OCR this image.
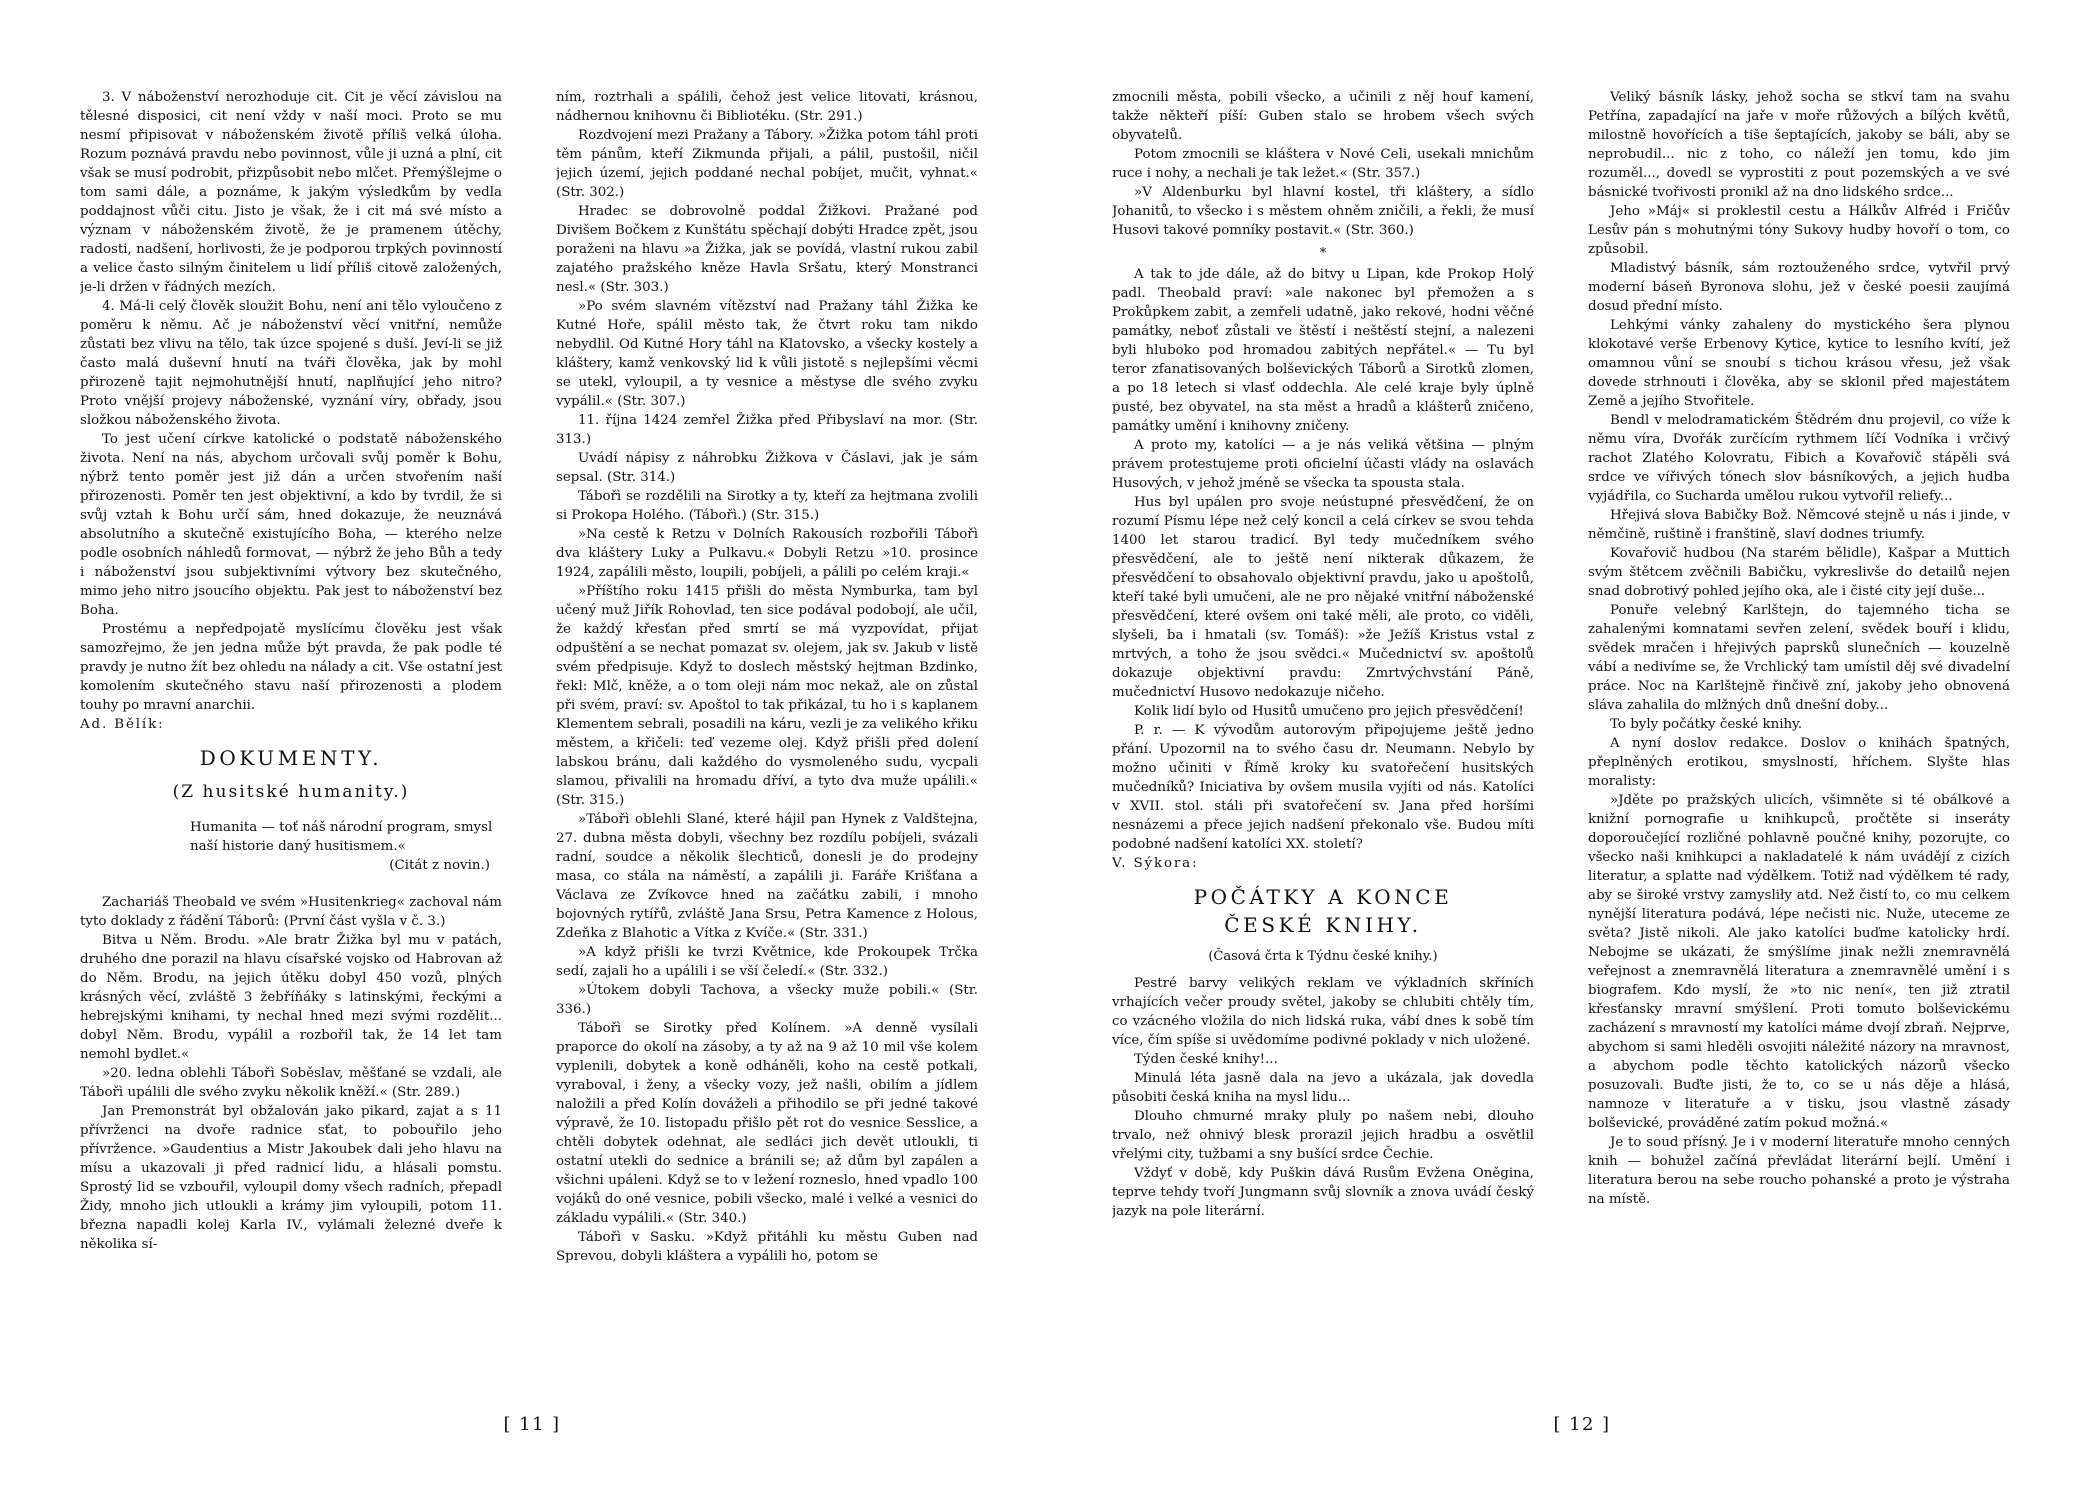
3. V náboženství nerozhoduje cit. Cit je věcí závislou na tělesné disposici, cit není vždy v naší moci. Proto se mu nesmí připisovat v náboženském životě příliš velká úloha. Rozum poznává pravdu nebo povinnost, vůle ji uzná a plní, cit však se musí podrobit, přizpůsobit nebo mlčet. Přemýšlejme o tom sami dále, a poznáme, k jakým výsledkům by vedla poddajnost vůči citu. Jisto je však, že i cit má své místo a význam v náboženském životě, že je pramenem útěchy, radosti, nadšení, horlivosti, že je podporou trpkých povinností a velice často silným činitelem u lidí příliš citově založených, je-li držen v řádných mezích.

4. Má-li celý člověk sloužit Bohu, není ani tělo vyloučeno z poměru k němu. Ač je náboženství věcí vnitřní, nemůže zůstati bez vlivu na tělo, tak úzce spojené s duší. Jeví-li se již často malá duševní hnutí na tváři člověka, jak by mohl přirozeně tajit nejmohutnější hnutí, naplňující jeho nitro? Proto vnější projevy náboženské, vyznání víry, obřady, jsou složkou náboženského života.

To jest učení církve katolické o podstatě náboženského života. Není na nás, abychom určovali svůj poměr k Bohu, nýbrž tento poměr jest již dán a určen stvořením naší přirozenosti. Poměr ten jest objektivní, a kdo by tvrdil, že si svůj vztah k Bohu určí sám, hned dokazuje, že neuznává absolutního a skutečně existujícího Boha, — kterého nelze podle osobních náhledů formovat, — nýbrž že jeho Bůh a tedy i náboženství jsou subjektivními výtvory bez skutečného, mimo jeho nitro jsoucího objektu. Pak jest to náboženství bez Boha.

Prostému a nepředpojatě myslícímu člověku jest však samozřejmo, že jen jedna může být pravda, že pak podle té pravdy je nutno žít bez ohledu na nálady a cit. Vše ostatní jest komolením skutečného stavu naší přirozenosti a plodem touhy po mravní anarchii.

Ad. Bělík:

DOKUMENTY.
(Z husitské humanity.)
Humanita — toť náš národní program, smysl naší historie daný husitismem.«
(Citát z novin.)

Zachariáš Theobald ve svém »Husitenkrieg« zachoval nám tyto doklady z řádění Táborů: (První část vyšla v č. 3.)

Bitva u Něm. Brodu. »Ale bratr Žižka byl mu v patách, druhého dne porazil na hlavu císařské vojsko od Habrovan až do Něm. Brodu, na jejich útěku dobyl 450 vozů, plných krásných věcí, zvláště 3 žebříňáky s latinskými, řeckými a hebrejskými knihami, ty nechal hned mezi svými rozdělit... dobyl Něm. Brodu, vypálil a rozbořil tak, že 14 let tam nemohl bydlet.«

»20. ledna oblehli Tábořì Soběslav, měšťané se vzdali, ale Tábořì upálili dle svého zvyku několik kněží.« (Str. 289.)

Jan Premonstrát byl obžalován jako pikard, zajat a s 11 přívrženci na dvoře radnice sťat, to pobouřilo jeho přívržence. »Gaudentius a Mistr Jakoubek dali jeho hlavu na mísu a ukazovali ji před radnicí lidu, a hlásali pomstu. Sprostý lid se vzbouřil, vyloupil domy všech radních, přepadl Židy, mnoho jich utloukli a krámy jim vyloupili, potom 11. března napadli kolej Karla IV., vylámali železné dveře k několika sí-

ním, roztrhali a spálili, čehož jest velice litovati, krásnou, nádhernou knihovnu či Bibliotéku. (Str. 291.)

Rozdvojení mezi Pražany a Tábory. »Žižka potom táhl proti těm pánům, kteří Zikmunda přijali, a pálil, pustošil, ničil jejich území, jejich poddané nechal pobíjet, mučit, vyhnat.« (Str. 302.)

Hradec se dobrovolně poddal Žižkovi. Pražané pod Divišem Bočkem z Kunštátu spěchají dobýti Hradce zpět, jsou poraženi na hlavu »a Žižka, jak se povídá, vlastní rukou zabil zajatého pražského kněze Havla Sršatu, který Monstranci nesl.« (Str. 303.)

»Po svém slavném vítězství nad Pražany táhl Žižka ke Kutné Hoře, spálil město tak, že čtvrt roku tam nikdo nebydlil. Od Kutné Hory táhl na Klatovsko, a všecky kostely a kláštery, kamž venkovský lid k vůli jistotě s nejlepšími věcmi se utekl, vyloupil, a ty vesnice a městyse dle svého zvyku vypálil.« (Str. 307.)

11. října 1424 zemřel Žižka před Přibyslaví na mor. (Str. 313.)

Uvádí nápisy z náhrobku Žižkova v Čáslavi, jak je sám sepsal. (Str. 314.)

Tábořì se rozdělili na Sirotky a ty, kteří za hejtmana zvolili si Prokopa Holého. (Tábořì.) (Str. 315.)

»Na cestě k Retzu v Dolních Rakousích rozbořili Tábořì dva kláštery Luky a Pulkavu.« Dobyli Retzu »10. prosince 1924, zapálili město, loupili, pobíjeli, a pálili po celém kraji.«

»Příštího roku 1415 přišli do města Nymburka, tam byl učený muž Jiřík Rohovlad, ten sice podával podobojí, ale učil, že každý křesťan před smrtí se má vyzpovídat, přijat odpuštění a se nechat pomazat sv. olejem, jak sv. Jakub v listě svém předpisuje. Když to doslech městský hejtman Bzdinko, řekl: Mlč, kněže, a o tom oleji nám moc nekaž, ale on zůstal při svém, praví: sv. Apoštol to tak přikázal, tu ho i s kaplanem Klementem sebrali, posadili na káru, vezli je za velikého křiku městem, a křičeli: teď vezeme olej. Když přišli před dolení labskou bránu, dali každého do vysmoleného sudu, vycpali slamou, přivalili na hromadu dříví, a tyto dva muže upálili.« (Str. 315.)

»Tábořì oblehli Slané, které hájil pan Hynek z Valdštejna, 27. dubna města dobyli, všechny bez rozdílu pobíjeli, svázali radní, soudce a několik šlechticů, donesli je do prodejny masa, co stála na náměstí, a zapálili ji. Faráře Krišťana a Václava ze Zvíkovce hned na začátku zabili, i mnoho bojovných rytířů, zvláště Jana Srsu, Petra Kamence z Holous, Zdeňka z Blahotic a Vítka z Kvíče.« (Str. 331.)

»A když přišli ke tvrzi Květnice, kde Prokoupek Trčka sedí, zajali ho a upálili i se vší čeledí.« (Str. 332.)

»Útokem dobyli Tachova, a všecky muže pobili.« (Str. 336.)

Tábořì se Sirotky před Kolínem. »A denně vysílali praporce do okolí na zásoby, a ty až na 9 až 10 mil vše kolem vyplenili, dobytek a koně odháněli, koho na cestě potkali, vyraboval, i ženy, a všecky vozy, jež našli, obilím a jídlem naložili a před Kolín dováželi a přihodilo se při jedné takové výpravě, že 10. listopadu přišlo pět rot do vesnice Sesslice, a chtěli dobytek odehnat, ale sedláci jich devět utloukli, ti ostatní utekli do sednice a bránili se; až dům byl zapálen a všichni upáleni. Když se to v ležení rozneslo, hned vpadlo 100 vojáků do oné vesnice, pobili všecko, malé i velké a vesnici do základu vypálili.« (Str. 340.)

Tábořì v Sasku. »Když přitáhli ku městu Guben nad Sprevou, dobyli kláštera a vypálili ho, potom se

zmocnili města, pobili všecko, a učinili z něj houf kamení, takže někteří píší: Guben stalo se hrobem všech svých obyvatelů.

Potom zmocnili se kláštera v Nové Celi, usekali mnichům ruce i nohy, a nechali je tak ležet.« (Str. 357.)

»V Aldenburku byl hlavní kostel, tři kláštery, a sídlo Johanitů, to všecko i s městem ohněm zničili, a řekli, že musí Husovi takové pomníky postavit.« (Str. 360.)

*

A tak to jde dále, až do bitvy u Lipan, kde Prokop Holý padl. Theobald praví: »ale nakonec byl přemožen a s Prokůpkem zabit, a zemřeli udatně, jako rekové, hodni věčné památky, neboť zůstali ve štěstí i neštěstí stejní, a nalezeni byli hluboko pod hromadou zabitých nepřátel.« — Tu byl teror zfanatisovaných bolševických Táborů a Sirotků zlomen, a po 18 letech si vlasť oddechla. Ale celé kraje byly úplně pusté, bez obyvatel, na sta měst a hradů a klášterů zničeno, památky umění i knihovny zničeny.

A proto my, katolíci — a je nás veliká většina — plným právem protestujeme proti oficielní účasti vlády na oslavách Husových, v jehož jméně se všecka ta spousta stala.

Hus byl upálen pro svoje neústupné přesvědčení, že on rozumí Písmu lépe než celý koncil a celá církev se svou tehda 1400 let starou tradicí. Byl tedy mučedníkem svého přesvědčení, ale to ještě není nikterak důkazem, že přesvědčení to obsahovalo objektivní pravdu, jako u apoštolů, kteří také byli umučeni, ale ne pro nějaké vnitřní náboženské přesvědčení, které ovšem oni také měli, ale proto, co viděli, slyšeli, ba i hmatali (sv. Tomáš): »že Ježíš Kristus vstal z mrtvých, a toho že jsou svědci.« Mučednictví sv. apoštolů dokazuje objektivní pravdu: Zmrtvýchvstání Páně, mučednictví Husovo nedokazuje ničeho.

Kolik lidí bylo od Husitů umučeno pro jejich přesvědčení!

P. r. — K vývodům autorovým připojujeme ještě jedno přání. Upozornil na to svého času dr. Neumann. Nebylo by možno učiniti v Římě kroky ku svatořečení husitských mučedníků? Iniciativa by ovšem musila vyjíti od nás. Katolíci v XVII. stol. stáli při svatořečení sv. Jana před horšími nesnázemi a přece jejich nadšení překonalo vše. Budou míti podobné nadšení katolíci XX. století?

V. Sýkora:

POČÁTKY A KONCE
ČESKÉ KNIHY.
(Časová črta k Týdnu české knihy.)

Pestré barvy velikých reklam ve výkladních skříních vrhajících večer proudy světel, jakoby se chlubiti chtěly tím, co vzácného vložila do nich lidská ruka, vábí dnes k sobě tím více, čím spíše si uvědomíme podivné poklady v nich uložené.

Týden české knihy!...

Minulá léta jasně dala na jevo a ukázala, jak dovedla působiti česká kniha na mysl lidu...

Dlouho chmurné mraky pluly po našem nebi, dlouho trvalo, než ohnivý blesk prorazil jejich hradbu a osvětlil vřelými city, tužbami a sny bušící srdce Čechie.

Vždyť v době, kdy Puškin dává Rusům Evžena Oněgina, teprve tehdy tvoří Jungmann svůj slovník a znova uvádí český jazyk na pole literární.

Veliký básník lásky, jehož socha se stkví tam na svahu Petřína, zapadající na jaře v moře růžových a bílých květů, milostně hovořících a tiše šeptajících, jakoby se báli, aby se neprobudil... nic z toho, co náleží jen tomu, kdo jim rozuměl..., dovedl se vyprostiti z pout pozemských a ve své básnické tvořivosti pronikl až na dno lidského srdce...

Jeho »Máj« si proklestil cestu a Hálkův Alfréd i Fričův Lesův pán s mohutnými tóny Sukovy hudby hovoří o tom, co způsobil.

Mladistvý básník, sám roztouženého srdce, vytvřil prvý moderní báseň Byronova slohu, jež v české poesii zaujímá dosud přední místo.

Lehkými vánky zahaleny do mystického šera plynou klokotavé verše Erbenovy Kytice, kytice to lesního kvítí, jež omamnou vůní se snoubí s tichou krásou vřesu, jež však dovede strhnouti i člověka, aby se sklonil před majestátem Země a jejího Stvořitele.

Bendl v melodramatickém Štědrém dnu projevil, co víže k němu víra, Dvořák zurčícím rythmem líčí Vodníka i vrčivý rachot Zlatého Kolovratu, Fibich a Kovařovič stápěli svá srdce ve vířivých tónech slov básníkových, a jejich hudba vyjádřila, co Sucharda umělou rukou vytvořil reliefy...

Hřejivá slova Babičky Bož. Němcové stejně u nás i jinde, v němčině, ruštině i franštině, slaví dodnes triumfy.

Kovařovič hudbou (Na starém bělidle), Kašpar a Muttich svým štětcem zvěčnili Babičku, vykreslivše do detailů nejen snad dobrotivý pohled jejího oka, ale i čisté city její duše...

Ponuře velebný Karlštejn, do tajemného ticha se zahalenými komnatami sevřen zelení, svědek bouří i klidu, svědek mračen i hřejivých paprsků slunečních — kouzelně vábí a nedivíme se, že Vrchlický tam umístil děj své divadelní práce. Noc na Karlštejně řinčivě zní, jakoby jeho obnovená sláva zahalila do mlžných dnů dnešní doby...

To byly počátky české knihy.

A nyní doslov redakce. Doslov o knihách špatných, přeplněných erotikou, smyslností, hříchem. Slyšte hlas moralisty:

»Jděte po pražských ulicích, všimněte si té obálkové a knižní pornografie u knihkupců, pročtěte si inseráty doporoučející rozličné pohlavně poučné knihy, pozorujte, co všecko naši knihkupci a nakladatelé k nám uvádějí z cizích literatur, a splatte nad výdělkem. Totiž nad výdělkem té rady, aby se široké vrstvy zamysliły atd. Než čistí to, co mu celkem nynější literatura podává, lépe nečisti nic. Nuže, uteceme ze světa? Jistě nikoli. Ale jako katolíci buďme katolicky hrdí. Nebojme se ukázati, že smýšlíme jinak nežli znemravnělá veřejnost a znemravnělá literatura a znemravnělé umění i s biografem. Kdo myslí, že »to nic není«, ten již ztratil křesťansky mravní smýšlení. Proti tomuto bolševickému zacházení s mravností my katolíci máme dvojí zbraň. Nejprve, abychom si sami hleděli osvojiti náležité názory na mravnost, a abychom podle těchto katolických názorů všecko posuzovali. Buďte jisti, že to, co se u nás děje a hlásá, namnoze v literatuře a v tisku, jsou vlastně zásady bolševické, prováděné zatím pokud možná.«

Je to soud přísný. Je i v moderní literatuře mnoho cenných knih — bohužel začíná převládat literární bejlí. Umění i literatura berou na sebe roucho pohanské a proto je výstraha na místě.

[ 11 ]	[ 12 ]
